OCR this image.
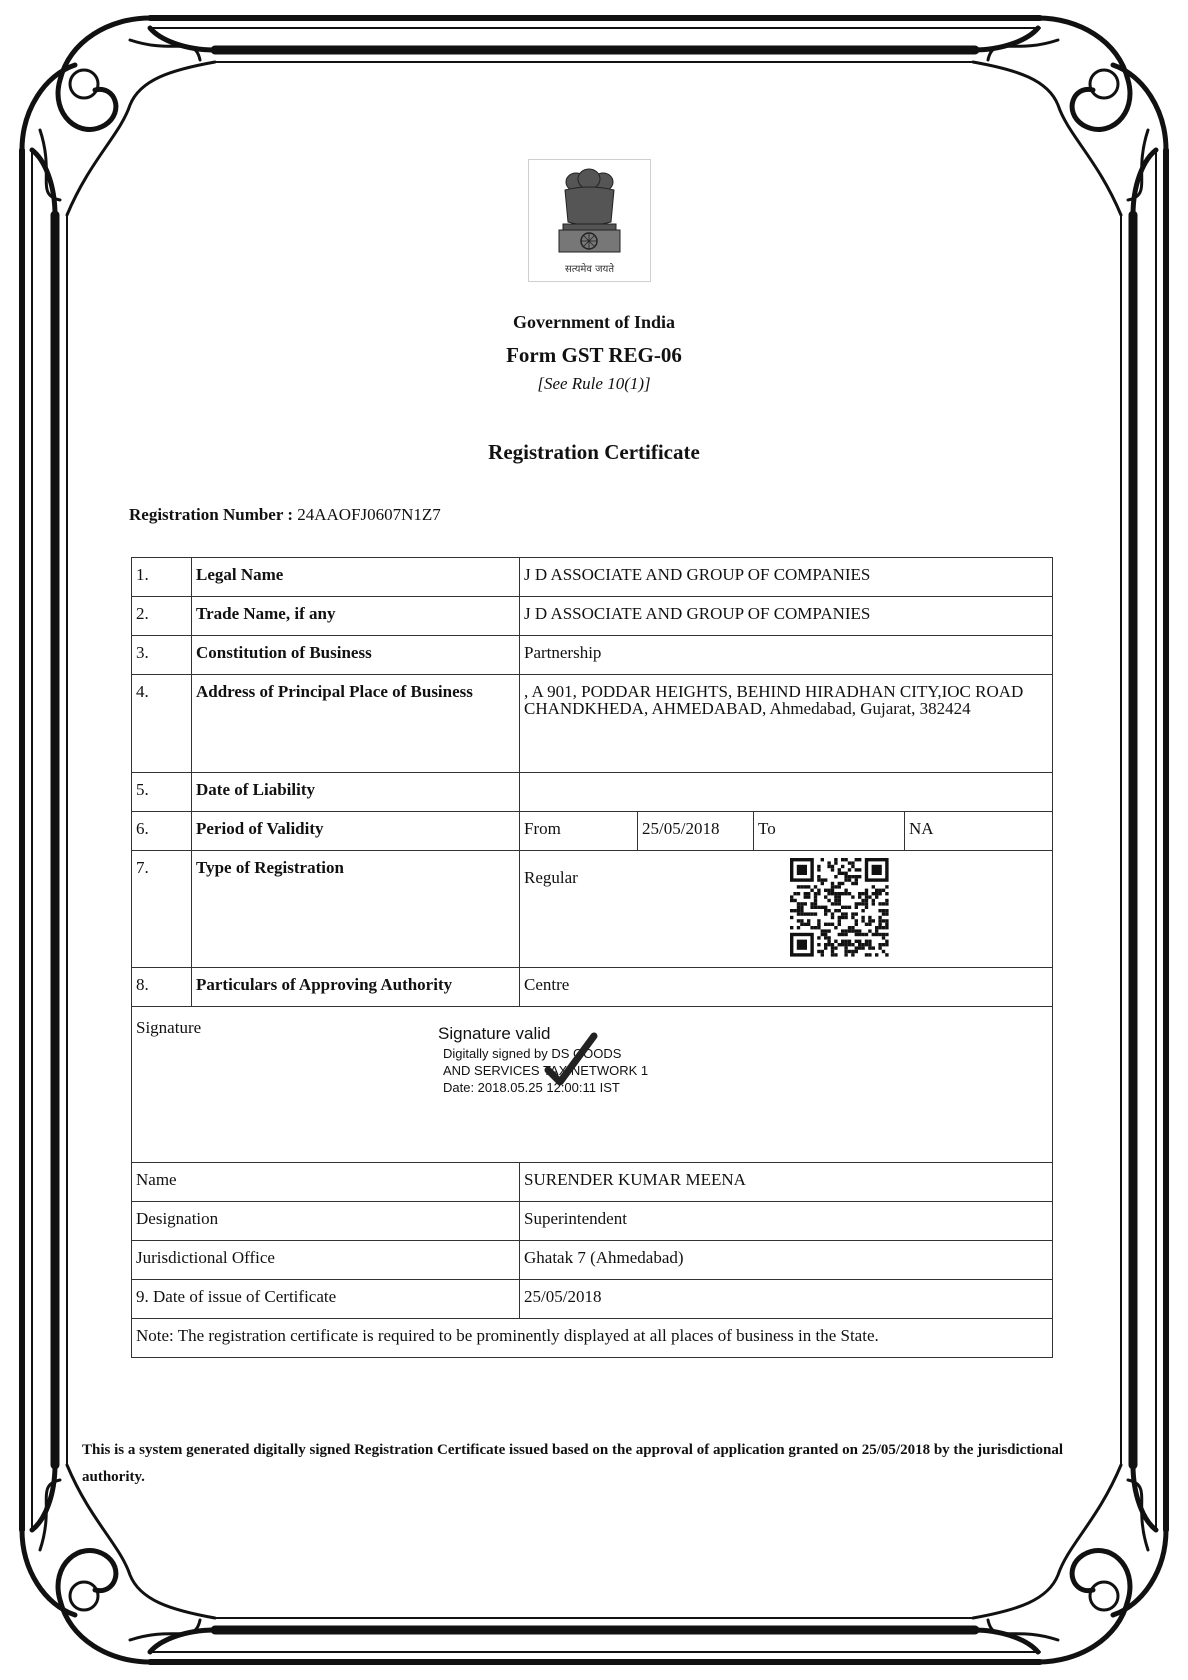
सत्यमेव जयते
Government of India
Form GST REG-06
[See Rule 10(1)]
Registration Certificate
Registration Number : 24AAOFJ0607N1Z7
1.	Legal Name	J D ASSOCIATE AND GROUP OF COMPANIES			
2.	Trade Name, if any	J D ASSOCIATE AND GROUP OF COMPANIES			
3.	Constitution of Business	Partnership			
4.	Address of Principal Place of Business	, A 901, PODDAR HEIGHTS, BEHIND HIRADHAN CITY,IOC ROAD CHANDKHEDA, AHMEDABAD, Ahmedabad, Gujarat, 382424			
5.	Date of Liability				
6.	Period of Validity	From	25/05/2018	To	NA
7.	Type of Registration	Regular			
8.	Particulars of Approving Authority	Centre			
Signature					
Name		SURENDER KUMAR MEENA			
Designation		Superintendent			
Jurisdictional Office		Ghatak 7 (Ahmedabad)			
9. Date of issue of Certificate		25/05/2018			
Note: The registration certificate is required to be prominently displayed at all places of business in the State.					
Signature valid
Digitally signed by DS GOODS
AND SERVICES TAX NETWORK 1
Date: 2018.05.25 12:00:11 IST
This is a system generated digitally signed Registration Certificate issued based on the approval of application granted on 25/05/2018 by the jurisdictional authority.
